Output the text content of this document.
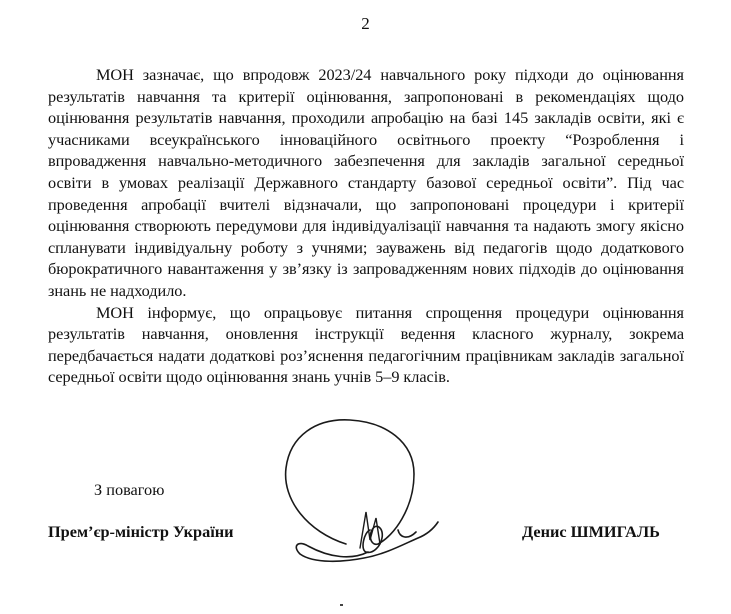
2

МОН зазначає, що впродовж 2023/24 навчального року підходи до оцінювання результатів навчання та критерії оцінювання, запропоновані в рекомендаціях щодо оцінювання результатів навчання, проходили апробацію на базі 145 закладів освіти, які є учасниками всеукраїнського інноваційного освітнього проекту “Розроблення і впровадження навчально-методичного забезпечення для закладів загальної середньої освіти в умовах реалізації Державного стандарту базової середньої освіти”. Під час проведення апробації вчителі відзначали, що запропоновані процедури і критерії оцінювання створюють передумови для індивідуалізації навчання та надають змогу якісно спланувати індивідуальну роботу з учнями; зауважень від педагогів щодо додаткового бюрократичного навантаження у зв’язку із запровадженням нових підходів до оцінювання знань не надходило.

МОН інформує, що опрацьовує питання спрощення процедури оцінювання результатів навчання, оновлення інструкції ведення класного журналу, зокрема передбачається надати додаткові роз’яснення педагогічним працівникам закладів загальної середньої освіти щодо оцінювання знань учнів 5–9 класів.

З повагою
Прем’єр-міністр України	Денис ШМИГАЛЬ
